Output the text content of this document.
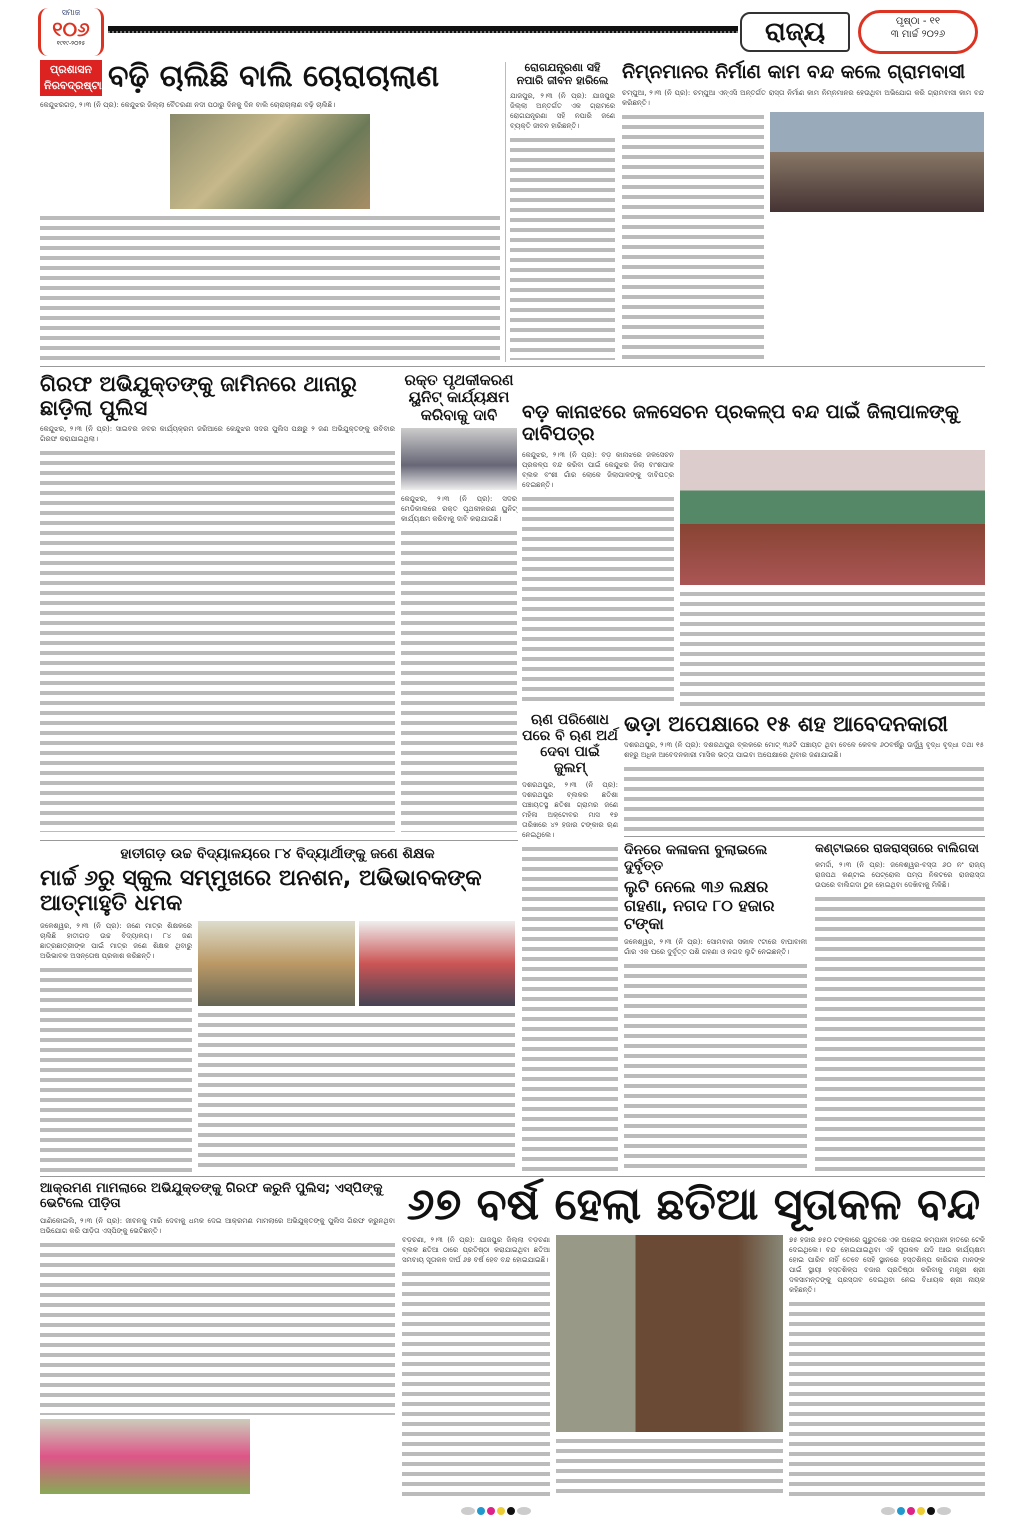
ସମାଜ
୧୦୬
୧୯୧୯-୨୦୨୫	ରାଜ୍ୟ	ପୃଷ୍ଠା - ୧୧
୩ ମାର୍ଚ୍ଚ ୨୦୨୬
ପ୍ରଶାସନ ନିରବଦ୍ରଷ୍ଟା ବଢ଼ି ଚାଲିଛି ବାଲି ଚୋରାଚାଲାଣ
କେନ୍ଦୁଝରଗଡ଼, ୨।୩ (ନି ପ୍ର): କେନ୍ଦୁଝର ଜିଲ୍ଲା ବୈତରଣୀ ନଦୀ ପଠାରୁ ଦିନକୁ ଦିନ ବାଲି ଚୋରାଚାଲାଣ ବଢ଼ି ଚାଲିଛି।
ରୋଗଯନ୍ତ୍ରଣା ସହି ନପାରି ଜୀବନ ହାରିଲେ
ଯାଜପୁର, ୨।୩ (ନି ପ୍ର): ଯାଜପୁର ଜିଲ୍ଲା ଅନ୍ତର୍ଗତ ଏକ ଗ୍ରାମରେ ରୋଗଯନ୍ତ୍ରଣା ସହି ନପାରି ଜଣେ ବ୍ୟକ୍ତି ଜୀବନ ହାରିଛନ୍ତି।
ନିମ୍ନମାନର ନିର୍ମାଣ କାମ ବନ୍ଦ କଲେ ଗ୍ରାମବାସୀ
ଚମ୍ପୁଆ, ୨।୩ (ନି ପ୍ର): ଚମ୍ପୁଆ ଏନ୍‌ଏସି ଅନ୍ତର୍ଗତ ରାସ୍ତା ନିର୍ମାଣ କାମ ନିମ୍ନମାନର ହେଉଥିବା ଅଭିଯୋଗ କରି ଗ୍ରାମବାସୀ କାମ ବନ୍ଦ କରିଛନ୍ତି।
ଗିରଫ ଅଭିଯୁକ୍ତଙ୍କୁ ଜାମିନରେ ଥାନାରୁ ଛାଡ଼ିଲା ପୁଲିସ
କେନ୍ଦୁଝର, ୨।୩ (ନି ପ୍ର): ସାଇବର ଜବର କାର୍ଯ୍ୟକ୍ରମ ଜରିଆରେ କେନ୍ଦୁଝର ସଦର ପୁଲିସ ପକ୍ଷରୁ ୨ ଜଣ ଅଭିଯୁକ୍ତଙ୍କୁ ରବିବାର ଗିରଫ କରାଯାଇଥିଲା।
ରକ୍ତ ପୃଥକୀକରଣ ୟୁନିଟ୍ କାର୍ଯ୍ୟକ୍ଷମ କରିବାକୁ ଦାବି
କେନ୍ଦୁଝର, ୨।୩ (ନି ପ୍ର): ସଦର ମେଡିକାଲରେ ରକ୍ତ ପୃଥକୀକରଣ ୟୁନିଟ୍ କାର୍ଯ୍ୟକ୍ଷମ କରିବାକୁ ଦାବି କରାଯାଇଛି।
ବଡ଼ କାନାଝରେ ଜଳସେଚନ ପ୍ରକଳ୍ପ ବନ୍ଦ ପାଇଁ ଜିଲାପାଳଙ୍କୁ ଦାବିପତ୍ର
କେନ୍ଦୁଝର, ୨।୩ (ନି ପ୍ର): ବଡ଼ କାନାଝରେ ଜଳସେଚନ ପ୍ରକଳ୍ପ ବନ୍ଦ କରିବା ପାଇଁ କେନ୍ଦୁଝର ଜିଲା ବାଂଶପାଳ ବ୍ଲକ ବଂଶୀ ଗାଁର ଲୋକେ ଜିଲାପାଳଙ୍କୁ ଦାବିପତ୍ର ଦେଇଛନ୍ତି।
ଋଣ ପରିଶୋଧ ପରେ ବି ଋଣ ଅର୍ଥ ଦେବା ପାଇଁ ଜୁଲମ୍
ଦଶରଥପୁର, ୨।୩ (ନି ପ୍ର): ଦଶରଥପୁର ବ୍ଲକର ଛତିଶା ପଞ୍ଚାୟତସ୍ଥ ଛତିଶା ଗ୍ରାମର ଜଣେ ମହିଳା ଅକ୍ଟୋବର ମାସ ୧୭ ତାରିଖରେ ୪୨ ହଜାର ଟଙ୍କାର ଋଣ ନେଇଥିଲେ।
ଭଡ଼ା ଅପେକ୍ଷାରେ ୧୫ ଶହ ଆବେଦନକାରୀ
ଦଶରଥପୁର, ୨।୩ (ନି ପ୍ର): ଦଶରଥପୁର ବ୍ଲକରେ ମୋଟ୍ ୩୬ଟି ପଞ୍ଚାୟତ ଥିବା ବେଳେ କେବଳ ୬୦ବର୍ଷରୁ ଊର୍ଦ୍ଧ୍ୱ ବୃଦ୍ଧ ବୃଦ୍ଧା ତଥା ୧୫ ଶହରୁ ଅଧିକ ଆବେଦନକାରୀ ମାସିକ ଭତ୍ତା ପାଇବା ଅପେକ୍ଷାରେ ଥିବାର ଜଣାଯାଇଛି।
ହାତୀଗଡ଼ ଉଚ୍ଚ ବିଦ୍ୟାଳୟରେ ୮୪ ବିଦ୍ୟାର୍ଥୀଙ୍କୁ ଜଣେ ଶିକ୍ଷକ
ମାର୍ଚ୍ଚ ୬ରୁ ସ୍କୁଲ ସମ୍ମୁଖରେ ଅନଶନ, ଅଭିଭାବକଙ୍କ ଆତ୍ମାହୁତି ଧମକ
ଜଳେଶ୍ୱର, ୨।୩ (ନି ପ୍ର): ଜଣେ ମାତ୍ର ଶିକ୍ଷକରେ ଚାଲିଛି ହାତୀଗଡ଼ ଉଚ୍ଚ ବିଦ୍ୟାଳୟ। ୮୪ ଜଣ ଛାତ୍ରଛାତ୍ରୀଙ୍କ ପାଇଁ ମାତ୍ର ଜଣେ ଶିକ୍ଷକ ଥିବାରୁ ଅଭିଭାବକ ଅସନ୍ତୋଷ ପ୍ରକାଶ କରିଛନ୍ତି।
ଦିନରେ କଳାକନା ବୁଲାଇଲେ ଦୁର୍ବୃତ୍ତ
ଲୁଟି ନେଲେ ୩୬ ଲକ୍ଷର ଗହଣା, ନଗଦ ୮୦ ହଜାର ଟଙ୍କା
ଜଳେଶ୍ୱର, ୨।୩ (ନି ପ୍ର): ସୋମବାର ସକାଳ ୯ଟାରେ ବାଘାବାଳୀ ଗାଁର ଏକ ଘରେ ଦୁର୍ବୃତ୍ତ ପଶି ଗହଣା ଓ ନଗଦ ଲୁଟି ନେଇଛନ୍ତି।
କଣ୍ଟାଇରେ ରାଜରାସ୍ତାରେ ବାଲିଗଦା
କମର୍ଦ୍ଦା, ୨।୩ (ନି ପ୍ର): ଜଳେଶ୍ୱର-ବସ୍ତା ୬୦ ନଂ ରାଜ୍ୟ ରାଜପଥ କଣ୍ଟାଇ ପେଟ୍ରୋଲ ପମ୍ପ ନିକଟରେ ରାଜରାସ୍ତା ଉପରେ ବାଲିଗଦା ଠୁଳ ହୋଇଥିବା ଦେଖିବାକୁ ମିଳିଛି।
ଆକ୍ରମଣ ମାମଲାରେ ଅଭିଯୁକ୍ତଙ୍କୁ ଗିରଫ କରୁନି ପୁଲିସ; ଏସ୍‌ପିଙ୍କୁ ଭେଟିଲେ ପୀଡ଼ିତା
ପାଣିକୋଇଲି, ୨।୩ (ନି ପ୍ର): ଜୀବନକୁ ମାରି ଦେବାକୁ ଧମକ ଦେଇ ଆକ୍ରମଣ ମାମଲାରେ ଅଭିଯୁକ୍ତଙ୍କୁ ପୁଲିସ ଗିରଫ କରୁନଥିବା ଅଭିଯୋଗ କରି ପୀଡ଼ିତା ଏସ୍‌ପିଙ୍କୁ ଭେଟିଛନ୍ତି।
୬୭ ବର୍ଷ ହେଲା ଛତିଆ ସୂତାକଳ ବନ୍ଦ
ବଡ଼ଚଣା, ୨।୩ (ନି ପ୍ର): ଯାଜପୁର ଜିଲ୍ଲା ବଡ଼ଚଣା ବ୍ଲକ ଛତିଆ ଠାରେ ପ୍ରତିଷ୍ଠା କରାଯାଇଥିବା ଛତିଆ ସମବାୟ ସୂତାକଳ ଦୀର୍ଘ ୬୭ ବର୍ଷ ହେବ ବନ୍ଦ ହୋଇଯାଇଛି।
୭୫ ହଜାର ୭୫୦ ଟଙ୍କାରେ ଗୁରୁତରେ ଏକ ଘରୋଇ କମ୍ପାନୀ ହାତରେ ଟେକି ଦେଇଥିଲେ। ବନ୍ଦ ହୋଇଯାଇଥିବା ଏହି ସୂତାକଳ ଯଦି ଆଉ କାର୍ଯ୍ୟକ୍ଷମ ହୋଇ ପାରିବ ନାହିଁ ତେବେ ସେହି ସ୍ଥାନରେ ହସ୍ତଶିଳ୍ପ କାରିଗର ମାନଙ୍କ ପାଇଁ ସ୍ଥାୟୀ ହସ୍ତଶିଳ୍ପ ବଜାର ପ୍ରତିଷ୍ଠା କରିବାକୁ ମନ୍ତ୍ରୀ ଶ୍ରୀ ଦଳସାମନ୍ତଙ୍କୁ ପ୍ରସ୍ତାବ ଦେଇଥିବା ନେଇ ବିଧାୟକ ଶ୍ରୀ ନାୟକ କହିଛନ୍ତି।
